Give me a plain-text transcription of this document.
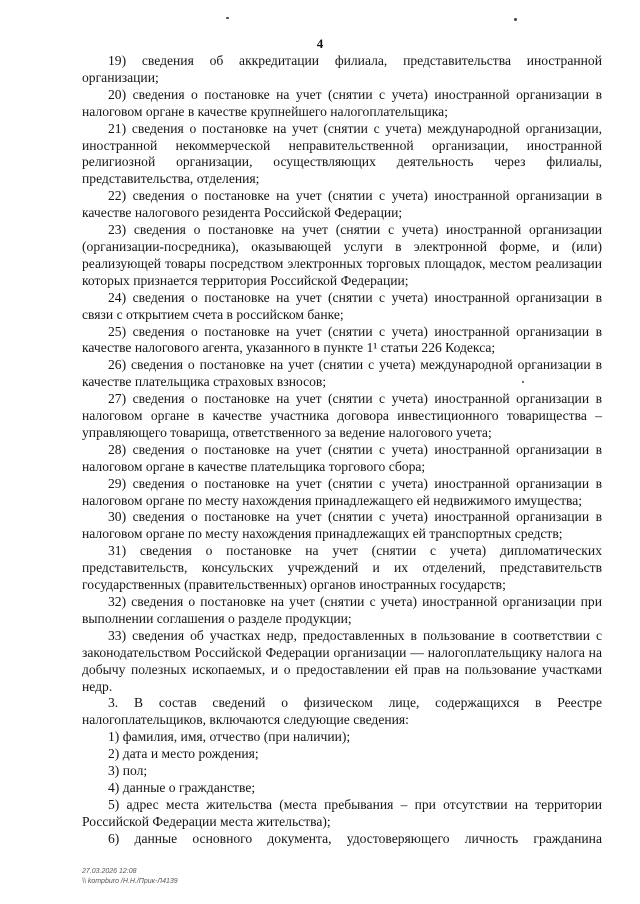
4

19) сведения об аккредитации филиала, представительства иностранной организации;

20) сведения о постановке на учет (снятии с учета) иностранной организации в налоговом органе в качестве крупнейшего налогоплательщика;

21) сведения о постановке на учет (снятии с учета) международной организации, иностранной некоммерческой неправительственной организации, иностранной религиозной организации, осуществляющих деятельность через филиалы, представительства, отделения;

22) сведения о постановке на учет (снятии с учета) иностранной организации в качестве налогового резидента Российской Федерации;

23) сведения о постановке на учет (снятии с учета) иностранной организации (организации-посредника), оказывающей услуги в электронной форме, и (или) реализующей товары посредством электронных торговых площадок, местом реализации которых признается территория Российской Федерации;

24) сведения о постановке на учет (снятии с учета) иностранной организации в связи с открытием счета в российском банке;

25) сведения о постановке на учет (снятии с учета) иностранной организации в качестве налогового агента, указанного в пункте 1¹ статьи 226 Кодекса;

26) сведения о постановке на учет (снятии с учета) международной организации в качестве плательщика страховых взносов;

27) сведения о постановке на учет (снятии с учета) иностранной организации в налоговом органе в качестве участника договора инвестиционного товарищества – управляющего товарища, ответственного за ведение налогового учета;

28) сведения о постановке на учет (снятии с учета) иностранной организации в налоговом органе в качестве плательщика торгового сбора;

29) сведения о постановке на учет (снятии с учета) иностранной организации в налоговом органе по месту нахождения принадлежащего ей недвижимого имущества;

30) сведения о постановке на учет (снятии с учета) иностранной организации в налоговом органе по месту нахождения принадлежащих ей транспортных средств;

31) сведения о постановке на учет (снятии с учета) дипломатических представительств, консульских учреждений и их отделений, представительств государственных (правительственных) органов иностранных государств;

32) сведения о постановке на учет (снятии с учета) иностранной организации при выполнении соглашения о разделе продукции;

33) сведения об участках недр, предоставленных в пользование в соответствии с законодательством Российской Федерации организации — налогоплательщику налога на добычу полезных ископаемых, и о предоставлении ей прав на пользование участками недр.

3. В состав сведений о физическом лице, содержащихся в Реестре налогоплательщиков, включаются следующие сведения:

1) фамилия, имя, отчество (при наличии);

2) дата и место рождения;

3) пол;

4) данные о гражданстве;

5) адрес места жительства (места пребывания – при отсутствии на территории Российской Федерации места жительства);

6) данные основного документа, удостоверяющего личность гражданина

27.03.2026 12:08
\\ kompburo /Н.Н./Прик-Л4139
